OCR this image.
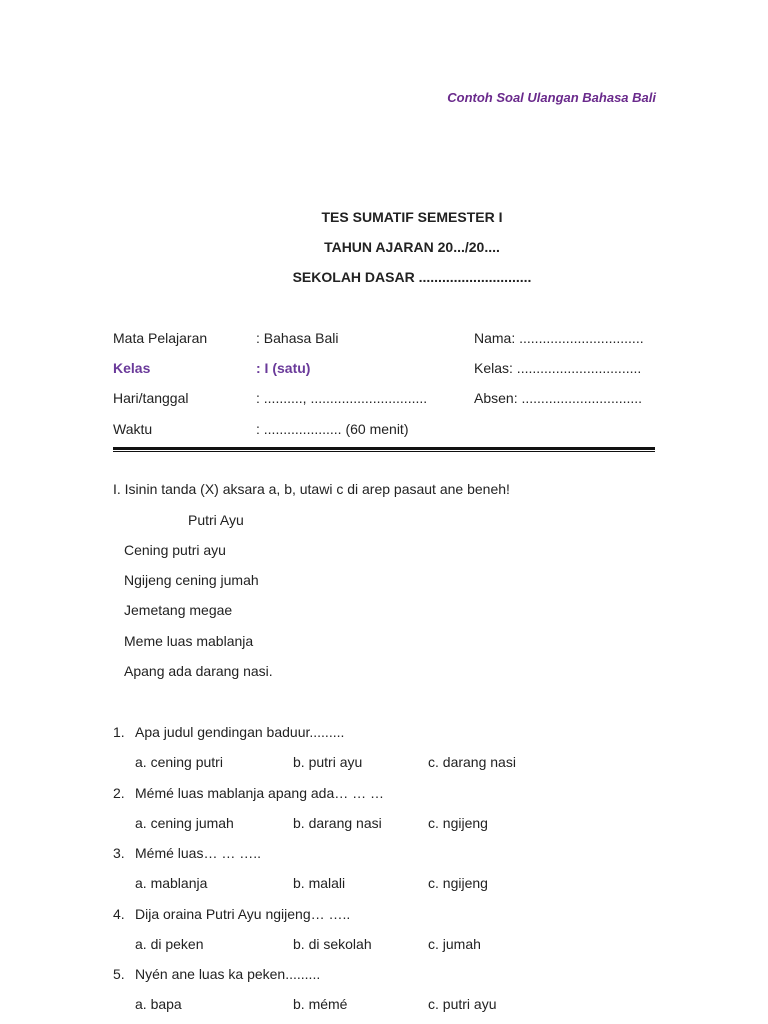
Contoh Soal Ulangan Bahasa Bali
TES SUMATIF SEMESTER I
TAHUN AJARAN 20.../20....
SEKOLAH DASAR .............................
Mata Pelajaran	: Bahasa Bali	Nama: ................................
Kelas	: I (satu)	Kelas: ................................
Hari/tanggal	: .........., ..............................	Absen: ...............................
Waktu	: .................... (60 menit)
I. Isinin tanda (X) aksara a, b, utawi c di arep pasaut ane beneh!
Putri Ayu
Cening putri ayu
Ngijeng cening jumah
Jemetang megae
Meme luas mablanja
Apang ada darang nasi.
1. Apa judul gendingan baduur.........
a. cening putri	b. putri ayu	c. darang nasi
2. Mémé luas mablanja apang ada… … …
a. cening jumah	b. darang nasi	c. ngijeng
3. Mémé luas… … …..
a. mablanja	b. malali	c. ngijeng
4. Dija oraina Putri Ayu ngijeng… …..
a. di peken	b. di sekolah	c. jumah
5. Nyén ane luas ka peken.........
a. bapa	b. mémé	c. putri ayu
